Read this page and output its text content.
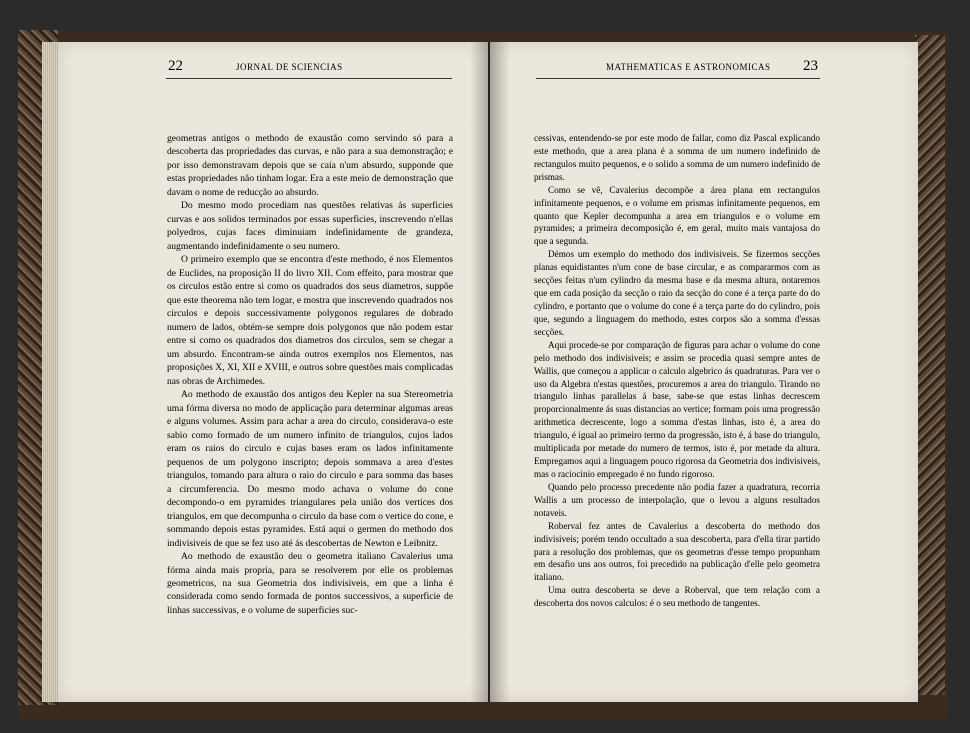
22	JORNAL DE SCIENCIAS	MATHEMATICAS E ASTRONOMICAS 23

geometras antigos o methodo de exaustão como servindo só para a descoberta das propriedades das curvas, e não para a sua demonstração; e por isso demonstravam depois que se caía n'um absurdo, supponde que estas propriedades não tinham logar. Era a este meio de demonstração que davam o nome de reducção ao absurdo.

Do mesmo modo procediam nas questões relativas ás superficies curvas e aos solidos terminados por essas superficies, inscrevendo n'ellas polyedros, cujas faces diminuiam indefinidamente de grandeza, augmentando indefinidamente o seu numero.

O primeiro exemplo que se encontra d'este methodo, é nos Elementos de Euclides, na proposição II do livro XII. Com effeito, para mostrar que os circulos estão entre si como os quadrados dos seus diametros, suppõe que este theorema não tem logar, e mostra que inscrevendo quadrados nos circulos e depois successivamente polygonos regulares de dobrado numero de lados, obtém-se sempre dois polygonos que não podem estar entre si como os quadrados dos diametros dos circulos, sem se chegar a um absurdo. Encontram-se ainda outros exemplos nos Elementos, nas proposições X, XI, XII e XVIII, e outros sobre questões mais complicadas nas obras de Archimedes.

Ao methodo de exaustão dos antigos deu Kepler na sua Stereometria uma fórma diversa no modo de applicação para determinar algumas areas e alguns volumes. Assim para achar a area do circulo, considerava-o este sabio como formado de um numero infinito de triangulos, cujos lados eram os raios do circulo e cujas bases eram os lados infinitamente pequenos de um polygono inscripto; depois sommava a area d'estes triangulos, tomando para altura o raio do circulo e para somma das bases a circumferencia. Do mesmo modo achava o volume do cone decompondo-o em pyramides triangulares pela união dos vertices dos triangulos, em que decompunha o circulo da base com o vertice do cone, e sommando depois estas pyramides. Está aqui o germen do methodo dos indivisiveis de que se fez uso até ás descobertas de Newton e Leibnitz.

Ao methodo de exaustão deu o geometra italiano Cavalerius uma fórma ainda mais propria, para se resolverem por elle os problemas geometricos, na sua Geometria dos indivisiveis, em que a linha é considerada como sendo formada de pontos successivos, a superficie de linhas successivas, e o volume de superficies suc-

cessivas, entendendo-se por este modo de fallar, como diz Pascal explicando este methodo, que a area plana é a somma de um numero indefinido de rectangulos muito pequenos, e o solido a somma de um numero indefinido de prismas.

Como se vê, Cavalerius decompõe a área plana em rectangulos infinitamente pequenos, e o volume em prismas infinitamente pequenos, em quanto que Kepler decompunha a area em triangulos e o volume em pyramides; a primeira decomposição é, em geral, muito mais vantajosa do que a segunda.

Démos um exemplo do methodo dos indivisiveis. Se fizermos secções planas equidistantes n'um cone de base circular, e as compararmos com as secções feitas n'um cylindro da mesma base e da mesma altura, notaremos que em cada posição da secção o raio da secção do cone é a terça parte do do cylindro, e portanto que o volume do cone é a terça parte do do cylindro, pois que, segundo a linguagem do methodo, estes corpos são a somma d'essas secções.

Aqui procede-se por comparação de figuras para achar o volume do cone pelo methodo dos indivisiveis; e assim se procedia quasi sempre antes de Wallis, que começou a applicar o calculo algebrico ás quadraturas. Para ver o uso da Algebra n'estas questões, procuremos a area do triangulo. Tirando no triangulo linhas parallelas á base, sabe-se que estas linhas decrescem proporcionalmente ás suas distancias ao vertice; formam pois uma progressão arithmetica decrescente, logo a somma d'estas linhas, isto é, a area do triangulo, é igual ao primeiro termo da progressão, isto é, á base do triangulo, multiplicada por metade do numero de termos, isto é, por metade da altura. Empregamos aqui a linguagem pouco rigorosa da Geometria dos indivisiveis, mas o raciocinio empregado é no fundo rigoroso.

Quando pelo processo precedente não podia fazer a quadratura, recorria Wallis a um processo de interpolação, que o levou a alguns resultados notaveis.

Roberval fez antes de Cavalerius a descoberta do methodo dos indivisiveis; porém tendo occultado a sua descoberta, para d'ella tirar partido para a resolução dos problemas, que os geometras d'esse tempo propunham em desafio uns aos outros, foi precedido na publicação d'elle pelo geometra italiano.

Uma outra descoberta se deve a Roberval, que tem relação com a descoberta dos novos calculos: é o seu methodo de tangentes.
